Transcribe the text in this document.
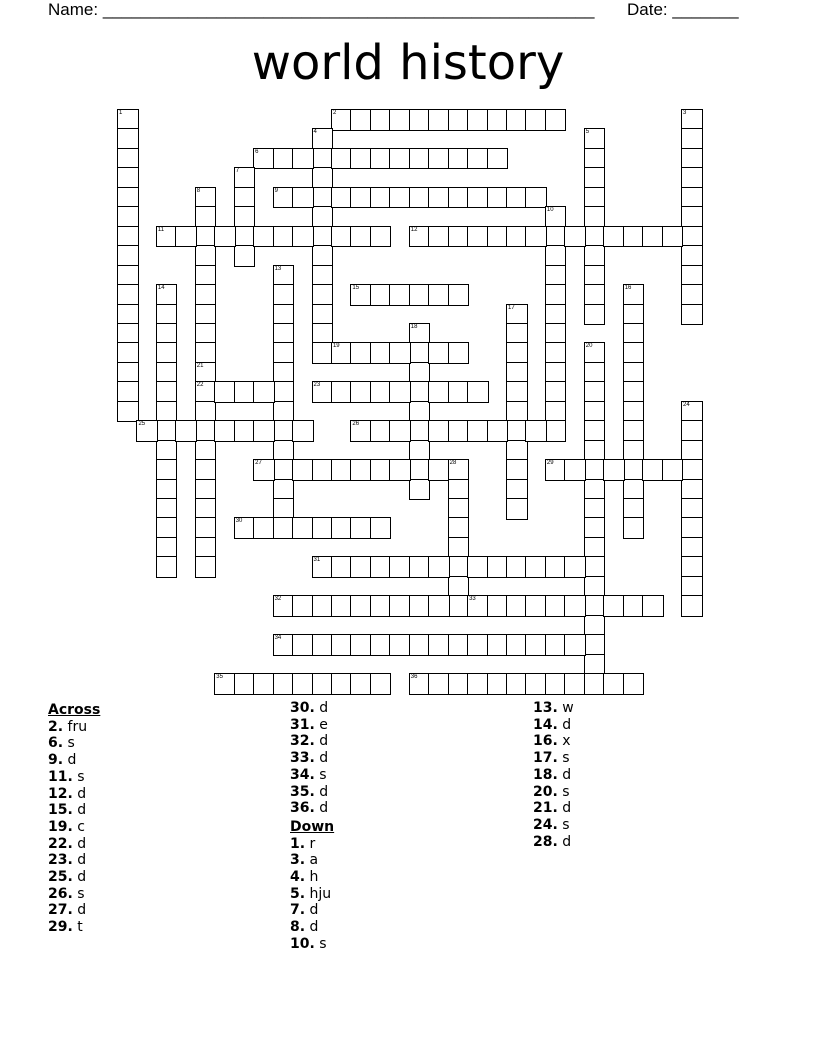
Name: ____________________________________________________ Date: _______
world history
1	2	3
4	5
6
7
8	9
10
11	12
13
14	15	16
17
18
19	20
21
22	23
24
25	26
27	28	29
30
31
32	33
34
35	36
Across
2. fru
6. s
9. d
11. s
12. d
15. d
19. c
22. d
23. d
25. d
26. s
27. d
29. t
30. d
31. e
32. d
33. d
34. s
35. d
36. d
Down
1. r
3. a
4. h
5. hju
7. d
8. d
10. s
13. w
14. d
16. x
17. s
18. d
20. s
21. d
24. s
28. d
